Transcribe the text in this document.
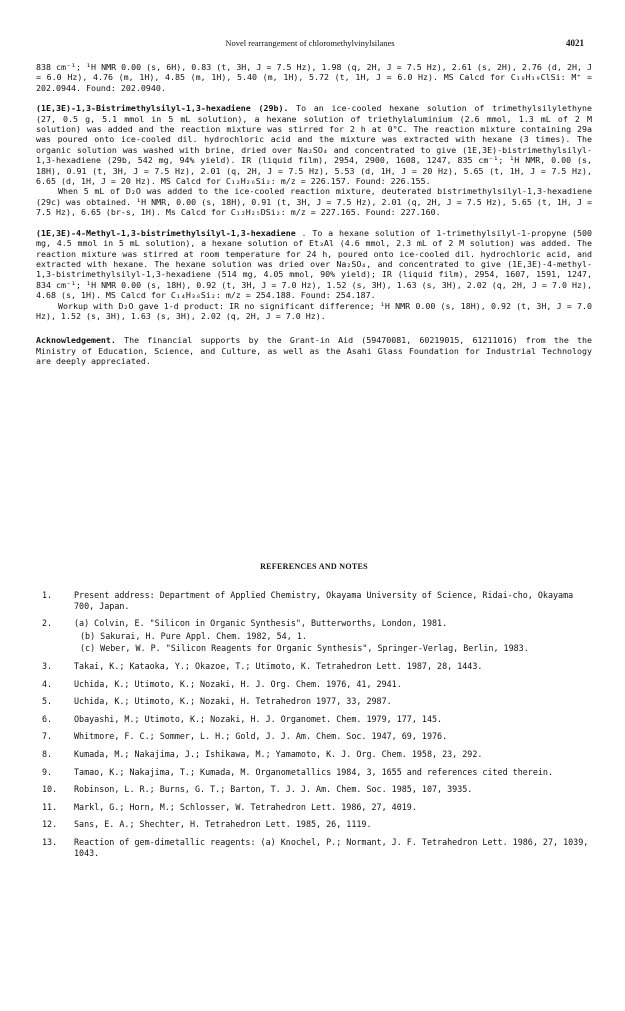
Novel rearrangement of chloromethylvinylsilanes	4021

838 cm⁻¹; ¹H NMR 0.00 (s, 6H), 0.83 (t, 3H, J = 7.5 Hz), 1.98 (q, 2H, J = 7.5 Hz), 2.61 (s, 2H), 2.76 (d, 2H, J = 6.0 Hz), 4.76 (m, 1H), 4.85 (m, 1H), 5.40 (m, 1H), 5.72 (t, 1H, J = 6.0 Hz). MS Calcd for C₁₀H₁₉ClSi: M⁺ = 202.0944. Found: 202.0940.

(1E,3E)-1,3-Bistrimethylsilyl-1,3-hexadiene (29b). To an ice-cooled hexane solution of trimethylsilylethyne (27, 0.5 g, 5.1 mmol in 5 mL solution), a hexane solution of triethylaluminium (2.6 mmol, 1.3 mL of 2 M solution) was added and the reaction mixture was stirred for 2 h at 0°C. The reaction mixture containing 29a was poured onto ice-cooled dil. hydrochloric acid and the mixture was extracted with hexane (3 times). The organic solution was washed with brine, dried over Na₂SO₄ and concentrated to give (1E,3E)-bistrimethylsilyl-1,3-hexadiene (29b, 542 mg, 94% yield). IR (liquid film), 2954, 2900, 1608, 1247, 835 cm⁻¹; ¹H NMR, 0.00 (s, 18H), 0.91 (t, 3H, J = 7.5 Hz), 2.01 (q, 2H, J = 7.5 Hz), 5.53 (d, 1H, J = 20 Hz), 5.65 (t, 1H, J = 7.5 Hz), 6.65 (d, 1H, J = 20 Hz). MS Calcd for C₁₂H₂₆Si₂: m/z = 226.157. Found: 226.155.

When 5 mL of D₂O was added to the ice-cooled reaction mixture, deuterated bistrimethylsilyl-1,3-hexadiene (29c) was obtained. ¹H NMR, 0.00 (s, 18H), 0.91 (t, 3H, J = 7.5 Hz), 2.01 (q, 2H, J = 7.5 Hz), 5.65 (t, 1H, J = 7.5 Hz), 6.65 (br-s, 1H). Ms Calcd for C₁₂H₂₅DSi₂: m/z = 227.165. Found: 227.160.

(1E,3E)-4-Methyl-1,3-bistrimethylsilyl-1,3-hexadiene . To a hexane solution of 1-trimethylsilyl-1-propyne (500 mg, 4.5 mmol in 5 mL solution), a hexane solution of Et₃Al (4.6 mmol, 2.3 mL of 2 M solution) was added. The reaction mixture was stirred at room temperature for 24 h, poured onto ice-cooled dil. hydrochloric acid, and extracted with hexane. The hexane solution was dried over Na₂SO₄, and concentrated to give (1E,3E)-4-methyl-1,3-bistrimethylsilyl-1,3-hexadiene (514 mg, 4.05 mmol, 90% yield); IR (liquid film), 2954, 1607, 1591, 1247, 834 cm⁻¹; ¹H NMR 0.00 (s, 18H), 0.92 (t, 3H, J = 7.0 Hz), 1.52 (s, 3H), 1.63 (s, 3H), 2.02 (q, 2H, J = 7.0 Hz), 4.68 (s, 1H). MS Calcd for C₁₄H₃₀Si₂: m/z = 254.188. Found: 254.187.

Workup with D₂O gave 1-d product: IR no significant difference; ¹H NMR 0.00 (s, 18H), 0.92 (t, 3H, J = 7.0 Hz), 1.52 (s, 3H), 1.63 (s, 3H), 2.02 (q, 2H, J = 7.0 Hz).

Acknowledgement. The financial supports by the Grant-in Aid (59470081, 60219015, 61211016) from the the Ministry of Education, Science, and Culture, as well as the Asahi Glass Foundation for Industrial Technology are deeply appreciated.

REFERENCES AND NOTES
1.	Present address: Department of Applied Chemistry, Okayama University of Science, Ridai-cho, Okayama 700, Japan.
2.	(a) Colvin, E. "Silicon in Organic Synthesis", Butterworths, London, 1981.
(b) Sakurai, H. Pure Appl. Chem. 1982, 54, 1.
(c) Weber, W. P. "Silicon Reagents for Organic Synthesis", Springer-Verlag, Berlin, 1983.
3.	Takai, K.; Kataoka, Y.; Okazoe, T.; Utimoto, K. Tetrahedron Lett. 1987, 28, 1443.
4.	Uchida, K.; Utimoto, K.; Nozaki, H. J. Org. Chem. 1976, 41, 2941.
5.	Uchida, K.; Utimoto, K.; Nozaki, H. Tetrahedron 1977, 33, 2987.
6.	Obayashi, M.; Utimoto, K.; Nozaki, H. J. Organomet. Chem. 1979, 177, 145.
7.	Whitmore, F. C.; Sommer, L. H.; Gold, J. J. Am. Chem. Soc. 1947, 69, 1976.
8.	Kumada, M.; Nakajima, J.; Ishikawa, M.; Yamamoto, K. J. Org. Chem. 1958, 23, 292.
9.	Tamao, K.; Nakajima, T.; Kumada, M. Organometallics 1984, 3, 1655 and references cited therein.
10.	Robinson, L. R.; Burns, G. T.; Barton, T. J. J. Am. Chem. Soc. 1985, 107, 3935.
11.	Markl, G.; Horn, M.; Schlosser, W. Tetrahedron Lett. 1986, 27, 4019.
12.	Sans, E. A.; Shechter, H. Tetrahedron Lett. 1985, 26, 1119.
13.	Reaction of gem-dimetallic reagents: (a) Knochel, P.; Normant, J. F. Tetrahedron Lett. 1986, 27, 1039, 1043.
